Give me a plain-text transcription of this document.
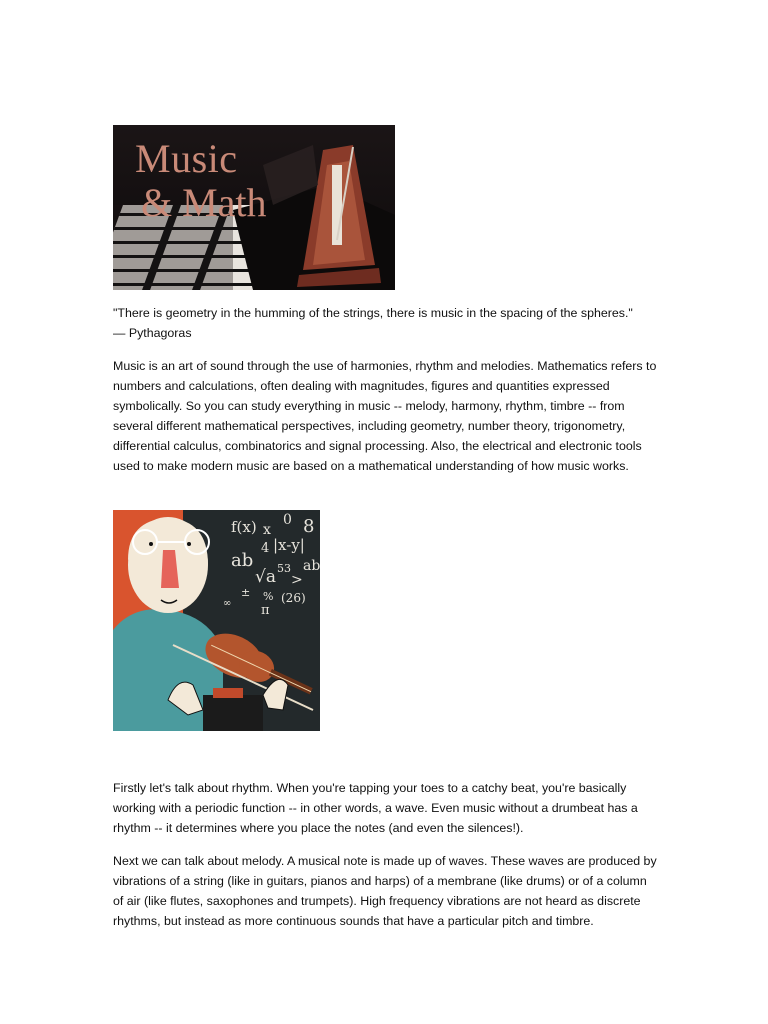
Music
& Math

"There is geometry in the humming of the strings, there is music in the spacing of the spheres."

— Pythagoras

Music is an art of sound through the use of harmonies, rhythm and melodies. Mathematics refers to numbers and calculations, often dealing with magnitudes, figures and quantities expressed symbolically. So you can study everything in music -- melody, harmony, rhythm, timbre -- from several different mathematical perspectives, including geometry, number theory, trigonometry, differential calculus, combinatorics and signal processing. Also, the electrical and electronic tools used to make modern music are based on a mathematical understanding of how music works.

f(x) x
0 8
4 |x-y|
ab	ab
√a 53
>
(26)
± %
∞ π

Firstly let's talk about rhythm. When you're tapping your toes to a catchy beat, you're basically working with a periodic function -- in other words, a wave. Even music without a drumbeat has a rhythm -- it determines where you place the notes (and even the silences!).

Next we can talk about melody. A musical note is made up of waves. These waves are produced by vibrations of a string (like in guitars, pianos and harps) of a membrane (like drums) or of a column of air (like flutes, saxophones and trumpets). High frequency vibrations are not heard as discrete rhythms, but instead as more continuous sounds that have a particular pitch and timbre.
